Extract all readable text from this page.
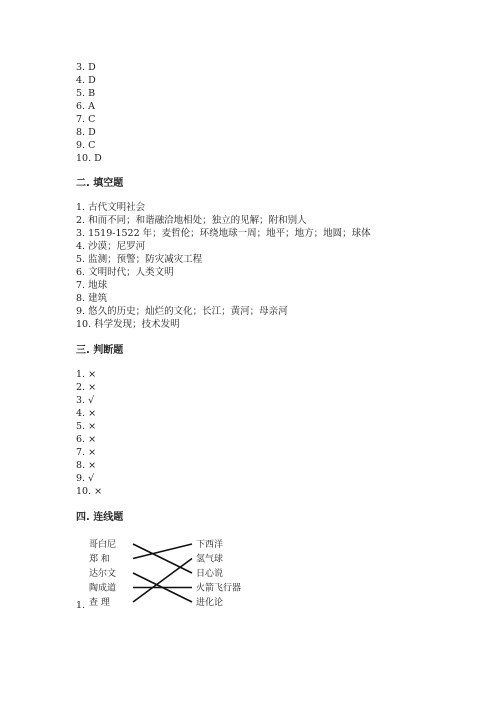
3. D
4. D
5. B
6. A
7. C
8. D
9. C
10. D
二. 填空题
1. 古代文明社会
2. 和而不同；和谐融洽地相处；独立的见解；附和别人
3. 1519-1522 年；麦哲伦；环绕地球一周；地平；地方；地圆；球体
4. 沙漠；尼罗河
5. 监测；预警；防灾减灾工程
6. 文明时代；人类文明
7. 地球
8. 建筑
9. 悠久的历史；灿烂的文化；长江；黄河；母亲河
10. 科学发现；技术发明
三. 判断题
1. ×
2. ×
3. √
4. ×
5. ×
6. ×
7. ×
8. ×
9. √
10. ×
四. 连线题
1.
哥白尼
郑 和
达尔文
陶成道
查 理
下西洋
氢气球
日心说
火箭飞行器
进化论
